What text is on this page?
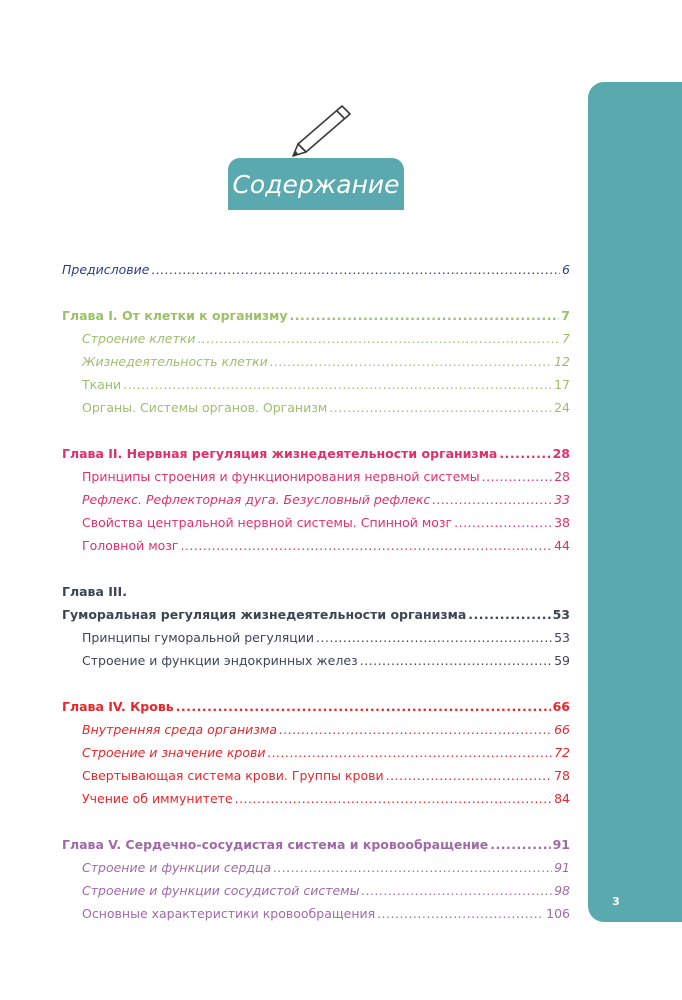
3
Содержание
Предисловие .....	6
Глава I. От клетки к организму .....	7
Строение клетки .....	7
Жизнедеятельность клетки .....	12
Ткани .....	17
Органы. Системы органов. Организм .....	24
Глава II. Нервная регуляция жизнедеятельности организма .....	28
Принципы строения и функционирования нервной системы .....	28
Рефлекс. Рефлекторная дуга. Безусловный рефлекс .....	33
Свойства центральной нервной системы. Спинной мозг .....	38
Головной мозг .....	44
Глава III.
Гуморальная регуляция жизнедеятельности организма .....	53
Принципы гуморальной регуляции .....	53
Строение и функции эндокринных желез .....	59
Глава IV. Кровь .....	66
Внутренняя среда организма .....	66
Строение и значение крови .....	72
Свертывающая система крови. Группы крови .....	78
Учение об иммунитете .....	84
Глава V. Сердечно-сосудистая система и кровообращение .....	91
Строение и функции сердца .....	91
Строение и функции сосудистой системы .....	98
Основные характеристики кровообращения .....	106
